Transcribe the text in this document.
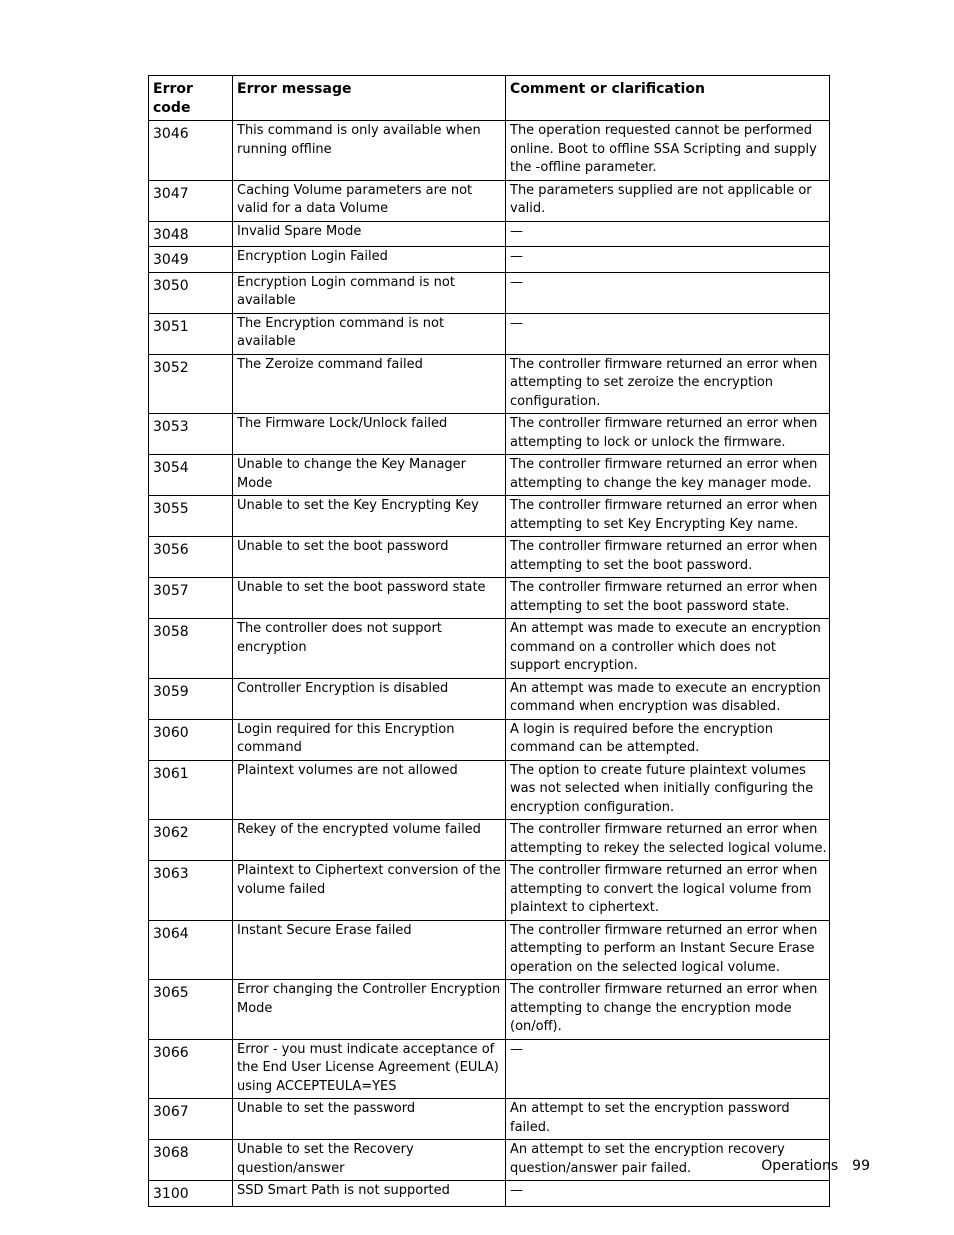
Error code	Error message	Comment or clarification
3046	This command is only available when running offline	The operation requested cannot be performed online. Boot to offline SSA Scripting and supply the -offline parameter.
3047	Caching Volume parameters are not valid for a data Volume	The parameters supplied are not applicable or valid.
3048	Invalid Spare Mode	—
3049	Encryption Login Failed	—
3050	Encryption Login command is not available	—
3051	The Encryption command is not available	—
3052	The Zeroize command failed	The controller firmware returned an error when attempting to set zeroize the encryption configuration.
3053	The Firmware Lock/Unlock failed	The controller firmware returned an error when attempting to lock or unlock the firmware.
3054	Unable to change the Key Manager Mode	The controller firmware returned an error when attempting to change the key manager mode.
3055	Unable to set the Key Encrypting Key	The controller firmware returned an error when attempting to set Key Encrypting Key name.
3056	Unable to set the boot password	The controller firmware returned an error when attempting to set the boot password.
3057	Unable to set the boot password state	The controller firmware returned an error when attempting to set the boot password state.
3058	The controller does not support encryption	An attempt was made to execute an encryption command on a controller which does not support encryption.
3059	Controller Encryption is disabled	An attempt was made to execute an encryption command when encryption was disabled.
3060	Login required for this Encryption command	A login is required before the encryption command can be attempted.
3061	Plaintext volumes are not allowed	The option to create future plaintext volumes was not selected when initially configuring the encryption configuration.
3062	Rekey of the encrypted volume failed	The controller firmware returned an error when attempting to rekey the selected logical volume.
3063	Plaintext to Ciphertext conversion of the volume failed	The controller firmware returned an error when attempting to convert the logical volume from plaintext to ciphertext.
3064	Instant Secure Erase failed	The controller firmware returned an error when attempting to perform an Instant Secure Erase operation on the selected logical volume.
3065	Error changing the Controller Encryption Mode	The controller firmware returned an error when attempting to change the encryption mode (on/off).
3066	Error - you must indicate acceptance of the End User License Agreement (EULA) using ACCEPTEULA=YES	—
3067	Unable to set the password	An attempt to set the encryption password failed.
3068	Unable to set the Recovery question/answer	An attempt to set the encryption recovery question/answer pair failed.
3100	SSD Smart Path is not supported	—
Operations 99
